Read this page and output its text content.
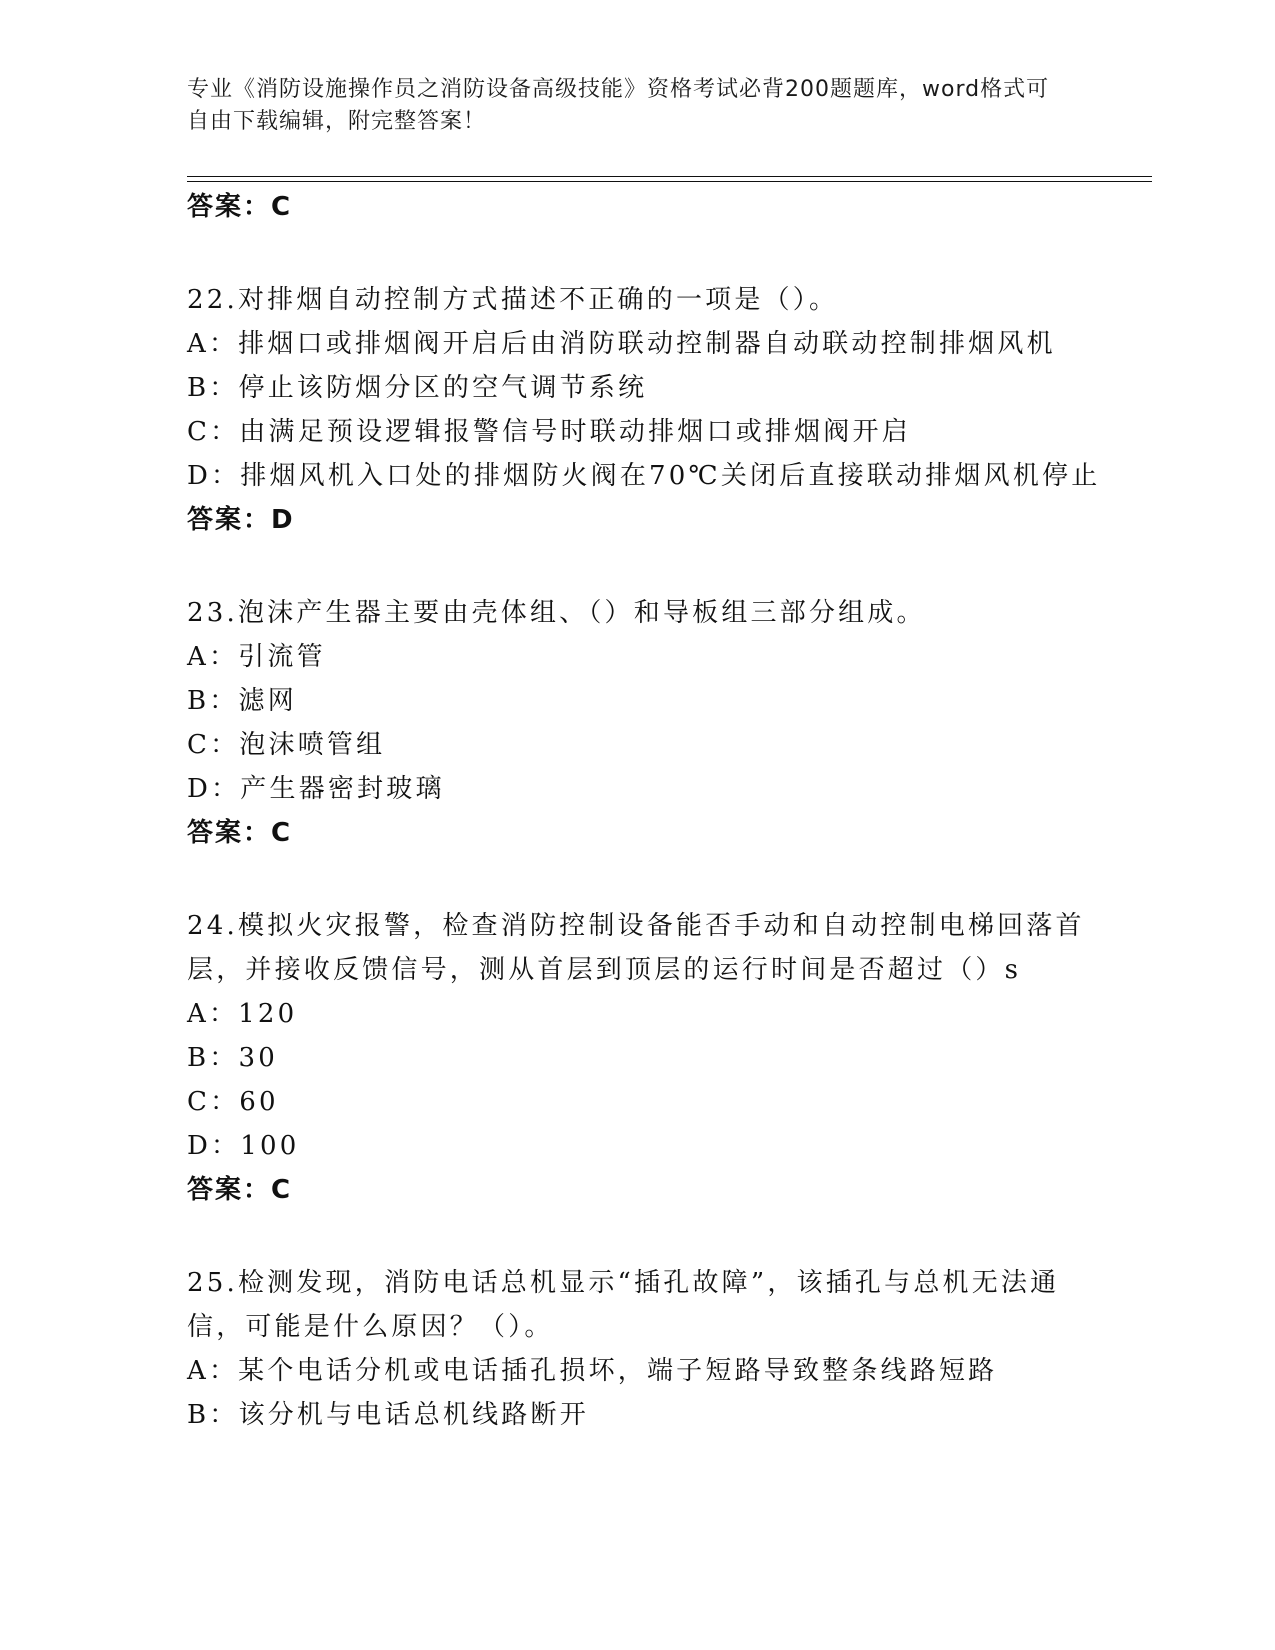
专业《消防设施操作员之消防设备高级技能》资格考试必背200题题库，word格式可自由下载编辑，附完整答案！
答案：C
22.对排烟自动控制方式描述不正确的一项是（）。
A：排烟口或排烟阀开启后由消防联动控制器自动联动控制排烟风机
B：停止该防烟分区的空气调节系统
C：由满足预设逻辑报警信号时联动排烟口或排烟阀开启
D：排烟风机入口处的排烟防火阀在70℃关闭后直接联动排烟风机停止
答案：D
23.泡沫产生器主要由壳体组、（）和导板组三部分组成。
A：引流管
B：滤网
C：泡沫喷管组
D：产生器密封玻璃
答案：C
24.模拟火灾报警，检查消防控制设备能否手动和自动控制电梯回落首
层，并接收反馈信号，测从首层到顶层的运行时间是否超过（）s
A：120
B：30
C：60
D：100
答案：C
25.检测发现，消防电话总机显示“插孔故障”，该插孔与总机无法通
信，可能是什么原因？（）。
A：某个电话分机或电话插孔损坏，端子短路导致整条线路短路
B：该分机与电话总机线路断开
